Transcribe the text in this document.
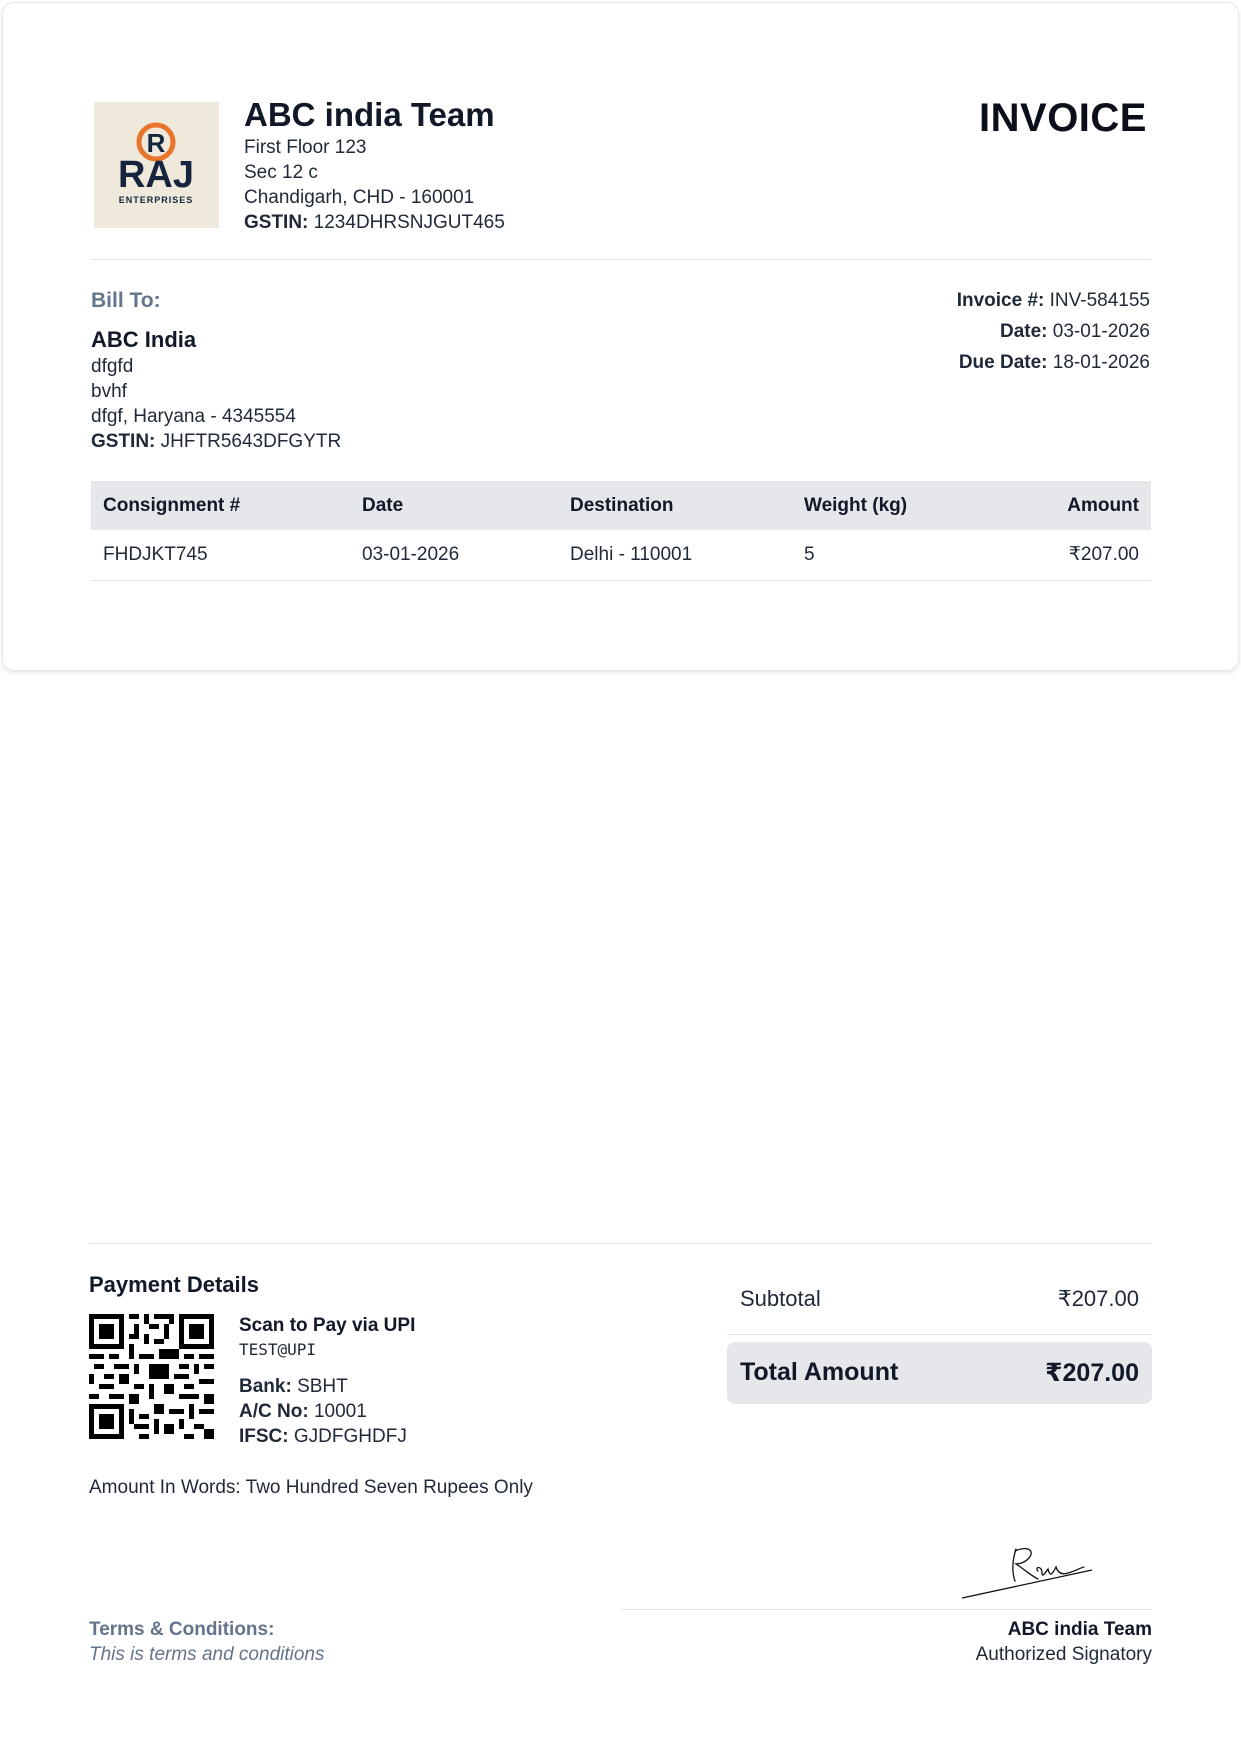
R
RAJ
ENTERPRISES
ABC india Team
First Floor 123
Sec 12 c
Chandigarh, CHD - 160001
GSTIN: 1234DHRSNJGUT465
INVOICE
Bill To:
ABC India
dfgfd
bvhf
dfgf, Haryana - 4345554
GSTIN: JHFTR5643DFGYTR
Invoice #: INV-584155
Date: 03-01-2026
Due Date: 18-01-2026
Consignment #	Date	Destination	Weight (kg)	Amount
FHDJKT745	03-01-2026	Delhi - 110001	5	₹207.00
Payment Details
Scan to Pay via UPI
TEST@UPI
Bank: SBHT
A/C No: 10001
IFSC: GJDFGHDFJ
Amount In Words: Two Hundred Seven Rupees Only
Subtotal	₹207.00
Total Amount	₹207.00
ABC india Team
Authorized Signatory
Terms & Conditions:
This is terms and conditions
